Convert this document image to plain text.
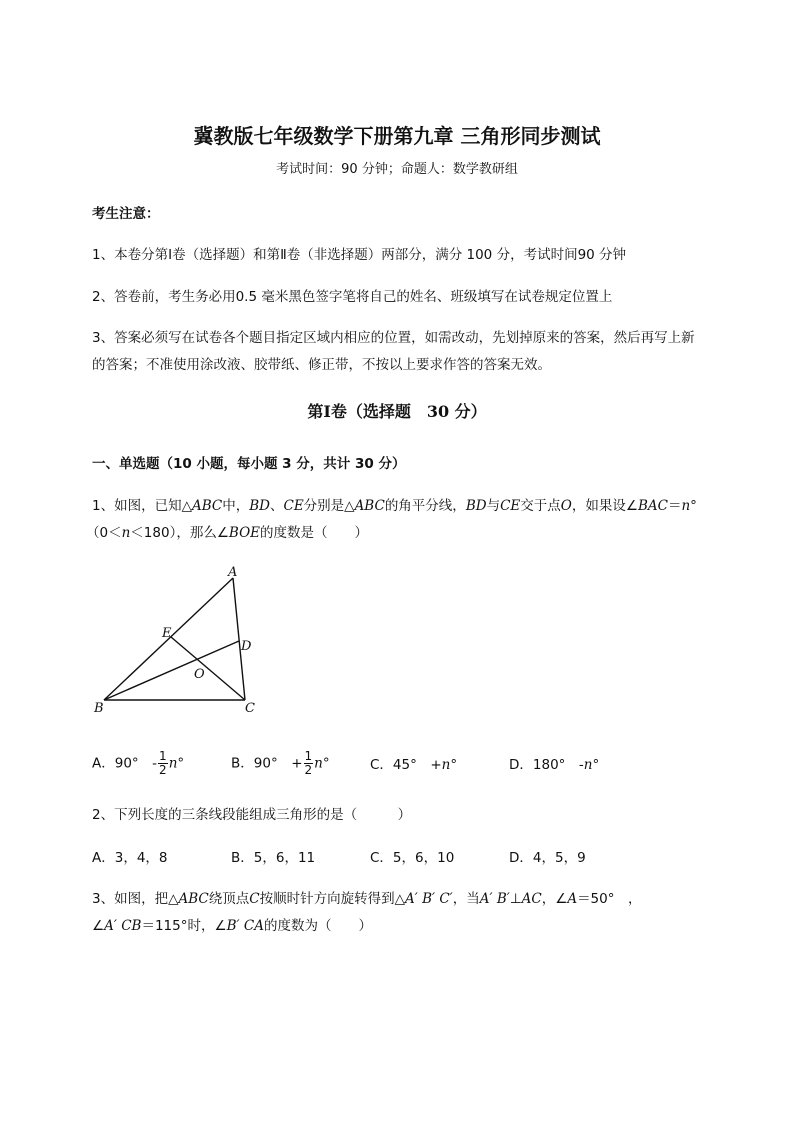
冀教版七年级数学下册第九章 三角形同步测试
考试时间：90 分钟；命题人：数学教研组
考生注意：
1、本卷分第Ⅰ卷（选择题）和第Ⅱ卷（非选择题）两部分，满分 100 分，考试时间90 分钟
2、答卷前，考生务必用0.5 毫米黑色签字笔将自己的姓名、班级填写在试卷规定位置上
3、答案必须写在试卷各个题目指定区域内相应的位置，如需改动，先划掉原来的答案，然后再写上新
的答案；不准使用涂改液、胶带纸、修正带，不按以上要求作答的答案无效。
第Ⅰ卷（选择题　30 分）
一、单选题（10 小题，每小题 3 分，共计 30 分）
1、如图，已知△ABC中，BD、CE分别是△ABC的角平分线，BD与CE交于点O，如果设∠BAC＝n°
（0＜n＜180），那么∠BOE的度数是（　　）
A
B	C
D
E
O
A．90°　- $\frac{1}{2} n^\circ$	B．90°　+ $\frac{1}{2} n^\circ$	C．45°　+n°	D．180°　-n°
2、下列长度的三条线段能组成三角形的是（　　　）
A．3，4，8	B．5，6，11	C．5，6，10	D．4，5，9
3、如图，把△ABC绕顶点C按顺时针方向旋转得到△A′ B′ C′，当A′ B′⊥AC，∠A＝50°　，
∠A′ CB＝115°时，∠B′ CA的度数为（　　）
